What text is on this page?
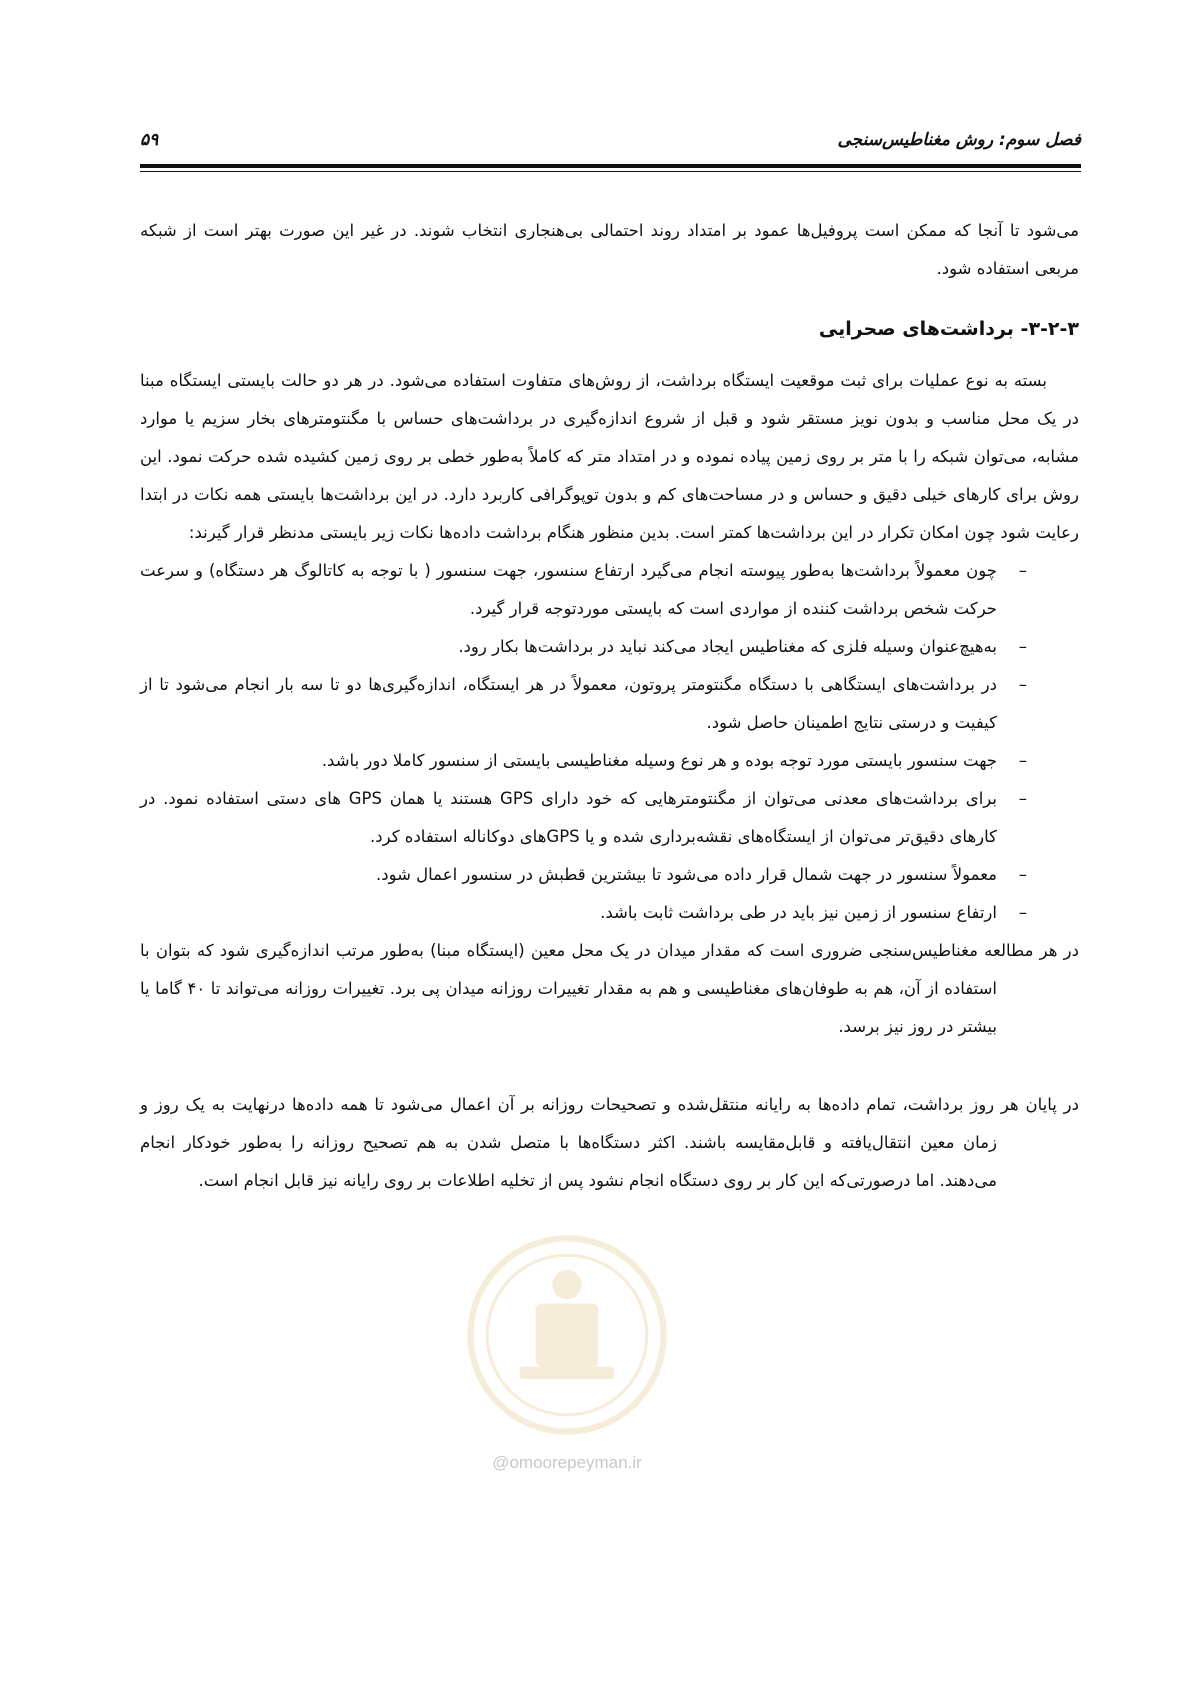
فصل سوم: روش مغناطیس‌سنجی
۵۹

می‌شود تا آنجا که ممکن است پروفیل‌ها عمود بر امتداد روند احتمالی بی‌هنجاری انتخاب شوند. در غیر این صورت بهتر است از شبکه مربعی استفاده شود.

۳-۲-۳- برداشت‌های صحرایی

بسته به نوع عملیات برای ثبت موقعیت ایستگاه برداشت، از روش‌های متفاوت استفاده می‌شود. در هر دو حالت بایستی ایستگاه مبنا در یک محل مناسب و بدون نویز مستقر شود و قبل از شروع اندازه‌گیری در برداشت‌های حساس با مگنتومترهای بخار سزیم یا موارد مشابه، می‌توان شبکه را با متر بر روی زمین پیاده نموده و در امتداد متر که کاملاً به‌طور خطی بر روی زمین کشیده شده حرکت نمود. این روش برای کارهای خیلی دقیق و حساس و در مساحت‌های کم و بدون توپوگرافی کاربرد دارد. در این برداشت‌ها بایستی همه نکات در ابتدا رعایت شود چون امکان تکرار در این برداشت‌ها کمتر است. بدین منظور هنگام برداشت داده‌ها نکات زیر بایستی مدنظر قرار گیرند:

–
چون معمولاً برداشت‌ها به‌طور پیوسته انجام می‌گیرد ارتفاع سنسور، جهت سنسور ( با توجه به کاتالوگ هر دستگاه) و سرعت حرکت شخص برداشت کننده از مواردی است که بایستی موردتوجه قرار گیرد.
–
به‌هیچ‌عنوان وسیله فلزی که مغناطیس ایجاد می‌کند نباید در برداشت‌ها بکار رود.
–
در برداشت‌های ایستگاهی با دستگاه مگنتومتر پروتون، معمولاً در هر ایستگاه، اندازه‌گیری‌ها دو تا سه بار انجام می‌شود تا از کیفیت و درستی نتایج اطمینان حاصل شود.
–
جهت سنسور بایستی مورد توجه بوده و هر نوع وسیله مغناطیسی بایستی از سنسور کاملا دور باشد.
–
برای برداشت‌های معدنی می‌توان از مگنتومترهایی که خود دارای GPS هستند یا همان GPS های دستی استفاده نمود. در کارهای دقیق‌تر می‌توان از ایستگاه‌های نقشه‌برداری شده و یا GPSهای دوکاناله استفاده کرد.
–
معمولاً سنسور در جهت شمال قرار داده می‌شود تا بیشترین قطبش در سنسور اعمال شود.
–
ارتفاع سنسور از زمین نیز باید در طی برداشت ثابت باشد.

در هر مطالعه مغناطیس‌سنجی ضروری است که مقدار میدان در یک محل معین (ایستگاه مبنا) به‌طور مرتب اندازه‌گیری شود که بتوان با استفاده از آن، هم به طوفان‌های مغناطیسی و هم به مقدار تغییرات روزانه میدان پی برد. تغییرات روزانه می‌تواند تا ۴۰ گاما یا بیشتر در روز نیز برسد.

در پایان هر روز برداشت، تمام داده‌ها به رایانه منتقل‌شده و تصحیحات روزانه بر آن اعمال می‌شود تا همه داده‌ها درنهایت به یک روز و زمان معین انتقال‌یافته و قابل‌مقایسه باشند. اکثر دستگاه‌ها با متصل شدن به هم تصحیح روزانه را به‌طور خودکار انجام می‌دهند. اما درصورتی‌که این کار بر روی دستگاه انجام نشود پس از تخلیه اطلاعات بر روی رایانه نیز قابل انجام است.

@omoorepeyman.ir
